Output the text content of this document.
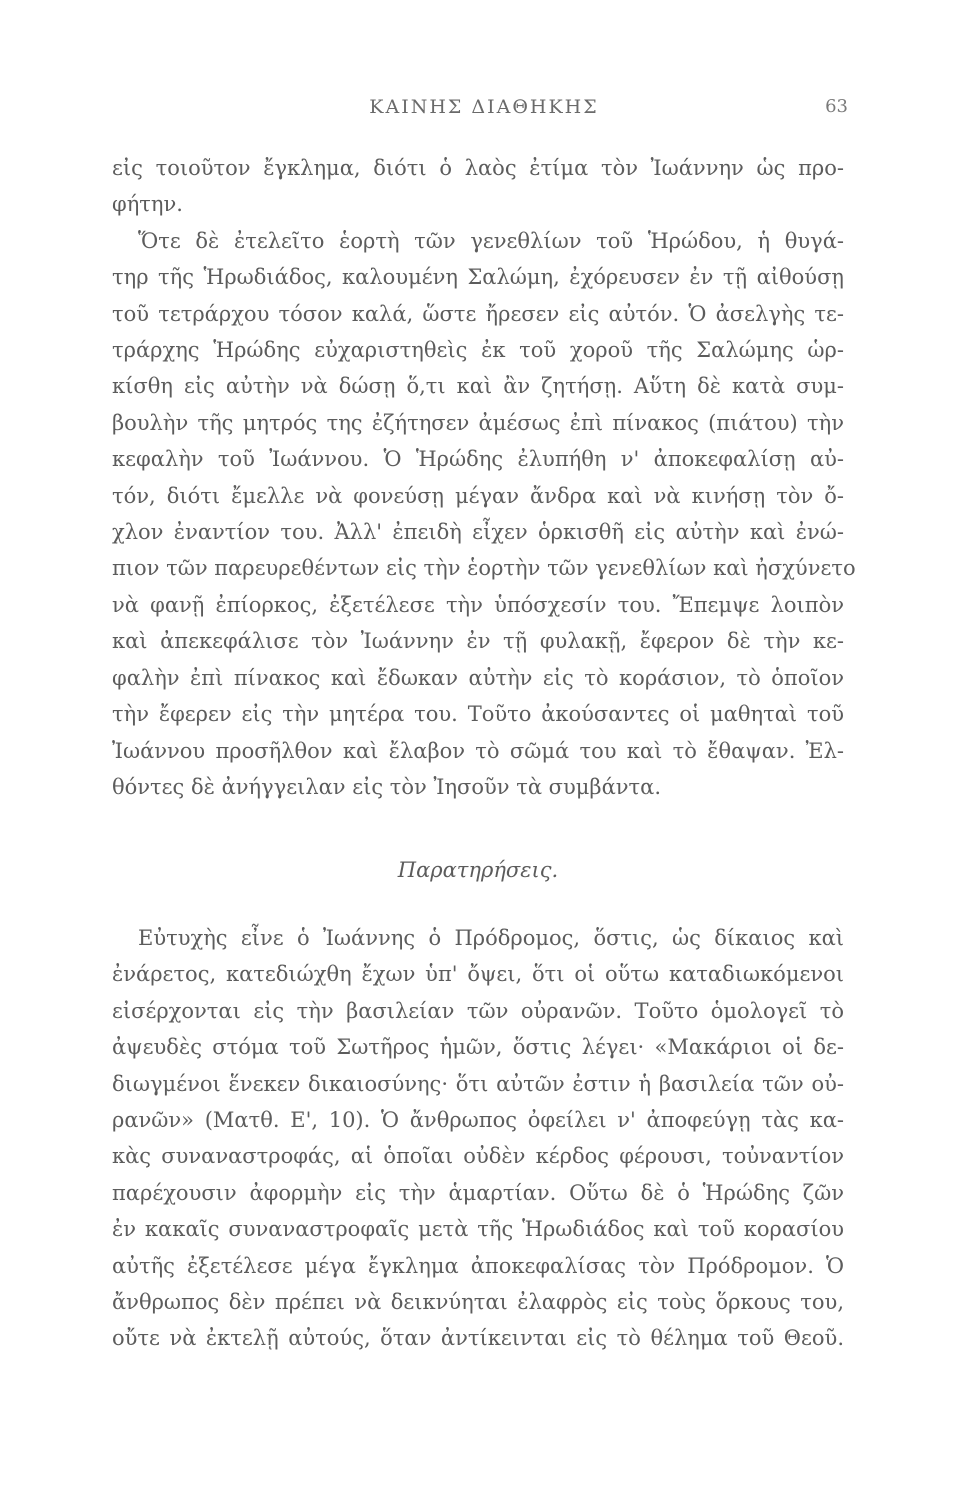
ΚΑΙΝΗΣ ΔΙΑΘΗΚΗΣ	63
εἰς τοιοῦτον ἔγκλημα, διότι ὁ λαὸς ἐτίμα τὸν Ἰωάννην ὡς προ-
φήτην.
Ὅτε δὲ ἐτελεῖτο ἑορτὴ τῶν γενεθλίων τοῦ Ἡρώδου, ἡ θυγά-
τηρ τῆς Ἡρωδιάδος, καλουμένη Σαλώμη, ἐχόρευσεν ἐν τῇ αἰθούσῃ
τοῦ τετράρχου τόσον καλά, ὥστε ἤρεσεν εἰς αὐτόν. Ὁ ἀσελγὴς τε-
τράρχης Ἡρώδης εὐχαριστηθεὶς ἐκ τοῦ χοροῦ τῆς Σαλώμης ὡρ-
κίσθη εἰς αὐτὴν νὰ δώσῃ ὅ,τι καὶ ἂν ζητήσῃ. Αὕτη δὲ κατὰ συμ-
βουλὴν τῆς μητρός της ἐζήτησεν ἀμέσως ἐπὶ πίνακος (πιάτου) τὴν
κεφαλὴν τοῦ Ἰωάννου. Ὁ Ἡρώδης ἐλυπήθη ν' ἀποκεφαλίσῃ αὐ-
τόν, διότι ἔμελλε νὰ φονεύσῃ μέγαν ἄνδρα καὶ νὰ κινήσῃ τὸν ὄ-
χλον ἐναντίον του. Ἀλλ' ἐπειδὴ εἶχεν ὁρκισθῆ εἰς αὐτὴν καὶ ἐνώ-
πιον τῶν παρευρεθέντων εἰς τὴν ἑορτὴν τῶν γενεθλίων καὶ ἠσχύνετο
νὰ φανῇ ἐπίορκος, ἐξετέλεσε τὴν ὑπόσχεσίν του. Ἔπεμψε λοιπὸν
καὶ ἀπεκεφάλισε τὸν Ἰωάννην ἐν τῇ φυλακῇ, ἔφερον δὲ τὴν κε-
φαλὴν ἐπὶ πίνακος καὶ ἔδωκαν αὐτὴν εἰς τὸ κοράσιον, τὸ ὁποῖον
τὴν ἔφερεν εἰς τὴν μητέρα του. Τοῦτο ἀκούσαντες οἱ μαθηταὶ τοῦ
Ἰωάννου προσῆλθον καὶ ἔλαβον τὸ σῶμά του καὶ τὸ ἔθαψαν. Ἐλ-
θόντες δὲ ἀνήγγειλαν εἰς τὸν Ἰησοῦν τὰ συμβάντα.
Παρατηρήσεις.
Εὐτυχὴς εἶνε ὁ Ἰωάννης ὁ Πρόδρομος, ὅστις, ὡς δίκαιος καὶ
ἐνάρετος, κατεδιώχθη ἔχων ὑπ' ὄψει, ὅτι οἱ οὕτω καταδιωκόμενοι
εἰσέρχονται εἰς τὴν βασιλείαν τῶν οὐρανῶν. Τοῦτο ὁμολογεῖ τὸ
ἀψευδὲς στόμα τοῦ Σωτῆρος ἡμῶν, ὅστις λέγει· «Μακάριοι οἱ δε-
διωγμένοι ἕνεκεν δικαιοσύνης· ὅτι αὐτῶν ἐστιν ἡ βασιλεία τῶν οὐ-
ρανῶν» (Ματθ. Ε', 10). Ὁ ἄνθρωπος ὀφείλει ν' ἀποφεύγῃ τὰς κα-
κὰς συναναστροφάς, αἱ ὁποῖαι οὐδὲν κέρδος φέρουσι, τοὐναντίον
παρέχουσιν ἀφορμὴν εἰς τὴν ἁμαρτίαν. Οὕτω δὲ ὁ Ἡρώδης ζῶν
ἐν κακαῖς συναναστροφαῖς μετὰ τῆς Ἡρωδιάδος καὶ τοῦ κορασίου
αὐτῆς ἐξετέλεσε μέγα ἔγκλημα ἀποκεφαλίσας τὸν Πρόδρομον. Ὁ
ἄνθρωπος δὲν πρέπει νὰ δεικνύηται ἐλαφρὸς εἰς τοὺς ὅρκους του,
οὔτε νὰ ἐκτελῇ αὐτούς, ὅταν ἀντίκεινται εἰς τὸ θέλημα τοῦ Θεοῦ.
